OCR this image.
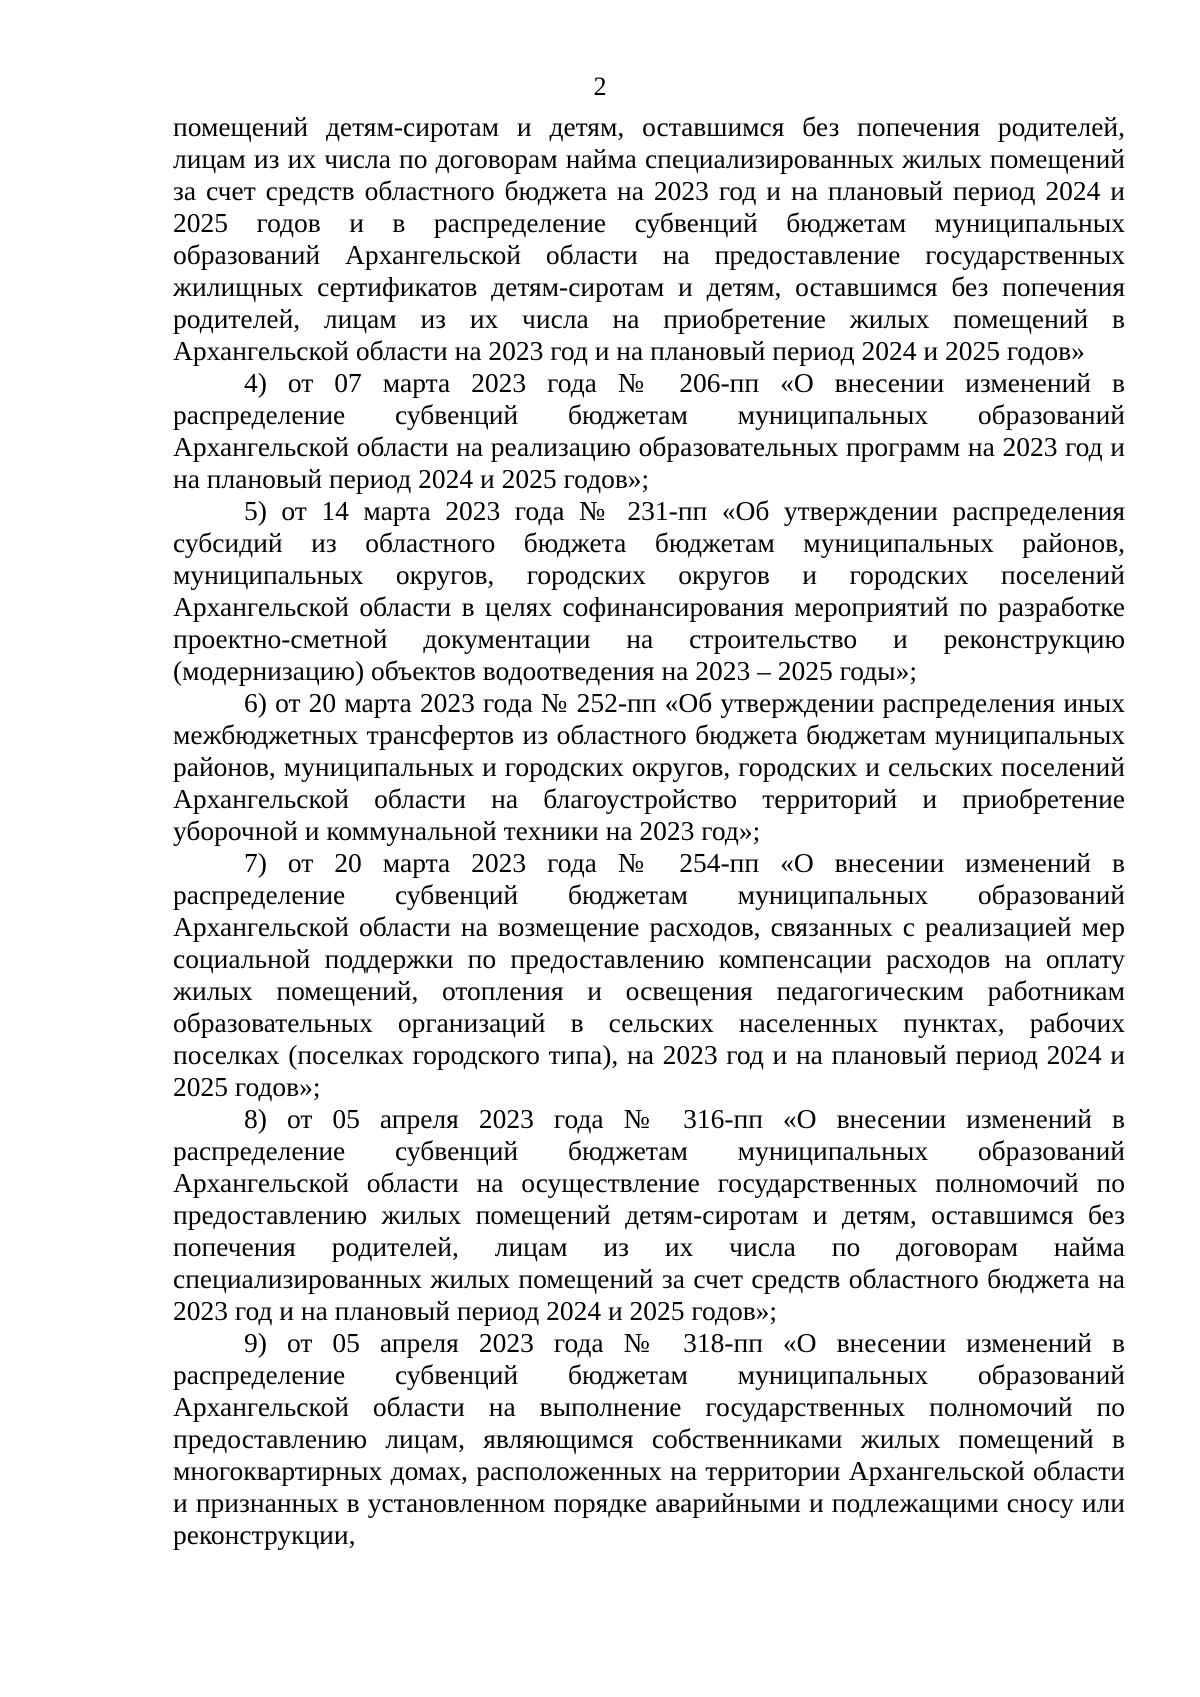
2

помещений детям-сиротам и детям, оставшимся без попечения родителей, лицам из их числа по договорам найма специализированных жилых помещений за счет средств областного бюджета на 2023 год и на плановый период 2024 и 2025 годов и в распределение субвенций бюджетам муниципальных образований Архангельской области на предоставление государственных жилищных сертификатов детям-сиротам и детям, оставшимся без попечения родителей, лицам из их числа на приобретение жилых помещений в Архангельской области на 2023 год и на плановый период 2024 и 2025 годов»

4) от 07 марта 2023 года № 206-пп «О внесении изменений в распределение субвенций бюджетам муниципальных образований Архангельской области на реализацию образовательных программ на 2023 год и на плановый период 2024 и 2025 годов»;

5) от 14 марта 2023 года № 231-пп «Об утверждении распределения субсидий из областного бюджета бюджетам муниципальных районов, муниципальных округов, городских округов и городских поселений Архангельской области в целях софинансирования мероприятий по разработке проектно-сметной документации на строительство и реконструкцию (модернизацию) объектов водоотведения на 2023 – 2025 годы»;

6) от 20 марта 2023 года № 252-пп «Об утверждении распределения иных межбюджетных трансфертов из областного бюджета бюджетам муниципальных районов, муниципальных и городских округов, городских и сельских поселений Архангельской области на благоустройство территорий и приобретение уборочной и коммунальной техники на 2023 год»;

7) от 20 марта 2023 года № 254-пп «О внесении изменений в распределение субвенций бюджетам муниципальных образований Архангельской области на возмещение расходов, связанных с реализацией мер социальной поддержки по предоставлению компенсации расходов на оплату жилых помещений, отопления и освещения педагогическим работникам образовательных организаций в сельских населенных пунктах, рабочих поселках (поселках городского типа), на 2023 год и на плановый период 2024 и 2025 годов»;

8) от 05 апреля 2023 года № 316-пп «О внесении изменений в распределение субвенций бюджетам муниципальных образований Архангельской области на осуществление государственных полномочий по предоставлению жилых помещений детям-сиротам и детям, оставшимся без попечения родителей, лицам из их числа по договорам найма специализированных жилых помещений за счет средств областного бюджета на 2023 год и на плановый период 2024 и 2025 годов»;

9) от 05 апреля 2023 года № 318-пп «О внесении изменений в распределение субвенций бюджетам муниципальных образований Архангельской области на выполнение государственных полномочий по предоставлению лицам, являющимся собственниками жилых помещений в многоквартирных домах, расположенных на территории Архангельской области и признанных в установленном порядке аварийными и подлежащими сносу или реконструкции,
